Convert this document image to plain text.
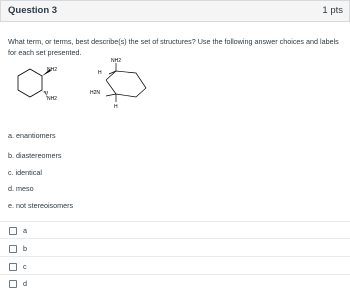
Question 3	1 pts
What term, or terms, best describe(s) the set of structures? Use the following answer choices and labels for each set presented.
NH2
'NH2
NH2
H
H2N
H
a. enantiomers
b. diastereomers
c. identical
d. meso
e. not stereoisomers
a
b
c
d
